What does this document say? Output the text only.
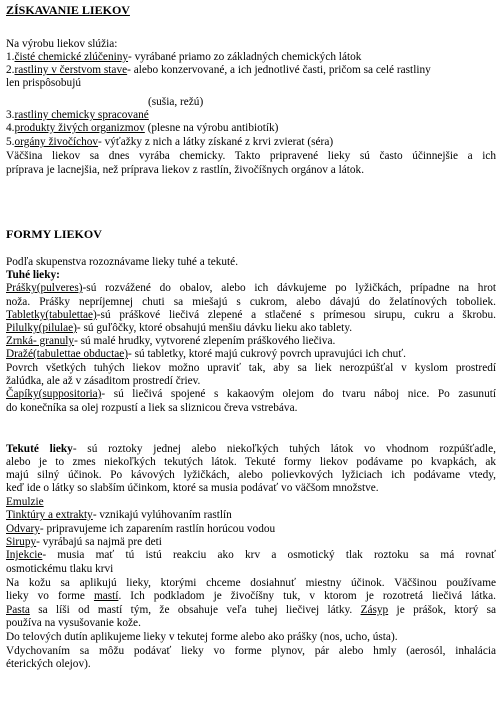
ZÍSKAVANIE LIEKOV
Na výrobu liekov slúžia:
1.čisté chemické zlúčeniny- vyrábané priamo zo základných chemických látok
2.rastliny v čerstvom stave- alebo konzervované, a ich jednotlivé časti, pričom sa celé rastliny
len prispôsobujú
(sušia, režú)
3.rastliny chemicky spracované
4.produkty živých organizmov (plesne na výrobu antibiotík)
5.orgány živočíchov- výťažky z nich a látky získané z krvi zvierat (séra)
Väčšina liekov sa dnes vyrába chemicky. Takto pripravené lieky sú často účinnejšie a ich
príprava je lacnejšia, než príprava liekov z rastlín, živočíšnych orgánov a látok.
FORMY LIEKOV
Podľa skupenstva rozoznávame lieky tuhé a tekuté.
Tuhé lieky:
Prášky(pulveres)-sú rozvážené do obalov, alebo ich dávkujeme po lyžičkách, prípadne na hrot
noža. Prášky nepríjemnej chuti sa miešajú s cukrom, alebo dávajú do želatínových toboliek.
Tabletky(tabulettae)-sú práškové liečivá zlepené a stlačené s prímesou sirupu, cukru a škrobu.
Pilulky(pilulae)- sú guľôčky, ktoré obsahujú menšiu dávku lieku ako tablety.
Zrnká- granuly- sú malé hrudky, vytvorené zlepením práškového liečiva.
Dražé(tabulettae obductae)- sú tabletky, ktoré majú cukrový povrch upravujúci ich chuť.
Povrch všetkých tuhých liekov možno upraviť tak, aby sa liek nerozpúšťal v kyslom prostredí
žalúdka, ale až v zásaditom prostredí čriev.
Čapíky(suppositoria)- sú liečivá spojené s kakaovým olejom do tvaru náboj nice. Po zasunutí
do konečníka sa olej rozpustí a liek sa sliznicou čreva vstrebáva.
Tekuté lieky- sú roztoky jednej alebo niekoľkých tuhých látok vo vhodnom rozpúšťadle,
alebo je to zmes niekoľkých tekutých látok. Tekuté formy liekov podávame po kvapkách, ak
majú silný účinok. Po kávových lyžičkách, alebo polievkových lyžiciach ich podávame vtedy,
keď ide o látky so slabším účinkom, ktoré sa musia podávať vo väčšom množstve.
Emulzie
Tinktúry a extrakty- vznikajú vylúhovaním rastlín
Odvary- pripravujeme ich zaparením rastlín horúcou vodou
Sirupy- vyrábajú sa najmä pre deti
Injekcie- musia mať tú istú reakciu ako krv a osmotický tlak roztoku sa má rovnať
osmotickému tlaku krvi
Na kožu sa aplikujú lieky, ktorými chceme dosiahnuť miestny účinok. Väčšinou používame
lieky vo forme mastí. Ich podkladom je živočíšny tuk, v ktorom je rozotretá liečivá látka.
Pasta sa líši od mastí tým, že obsahuje veľa tuhej liečivej látky. Zásyp je prášok, ktorý sa
používa na vysušovanie kože.
Do telových dutín aplikujeme lieky v tekutej forme alebo ako prášky (nos, ucho, ústa).
Vdychovaním sa môžu podávať lieky vo forme plynov, pár alebo hmly (aerosól, inhalácia
éterických olejov).
